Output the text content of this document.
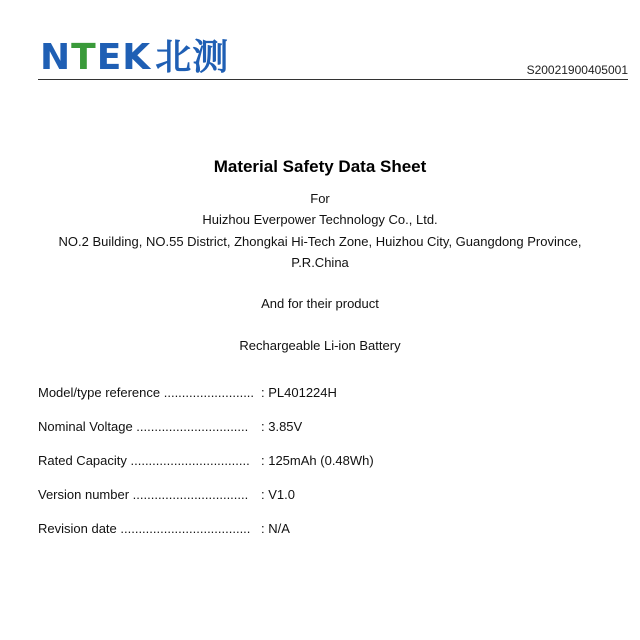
N T EK 北测	S20021900405001
Material Safety Data Sheet
For
Huizhou Everpower Technology Co., Ltd.
NO.2 Building, NO.55 District, Zhongkai Hi-Tech Zone, Huizhou City, Guangdong Province,
P.R.China
And for their product
Rechargeable Li-ion Battery
Model/type reference ......................... : PL401224H
Nominal Voltage ............................... : 3.85V
Rated Capacity ................................. : 125mAh (0.48Wh)
Version number ................................ : V1.0
Revision date .................................... : N/A
